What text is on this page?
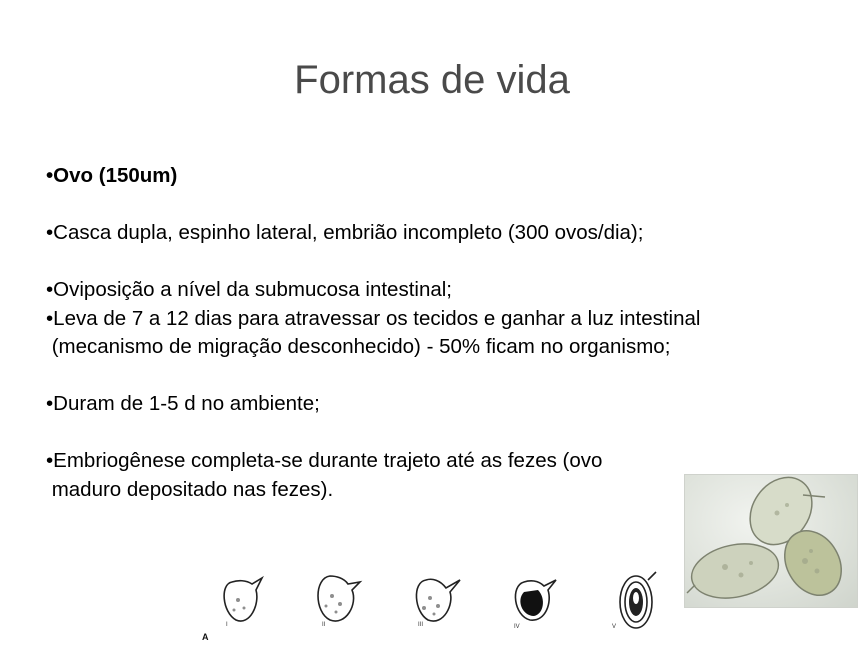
Formas de vida
•Ovo (150um)
•Casca dupla, espinho lateral, embrião incompleto (300 ovos/dia);
•Oviposição a nível da submucosa intestinal;
•Leva de 7 a 12 dias para atravessar os tecidos e ganhar a luz intestinal
(mecanismo de migração desconhecido) - 50% ficam no organismo;
•Duram de 1-5 d no ambiente;
•Embriogênese completa-se durante trajeto até as fezes (ovo
maduro depositado nas fezes).
A
I	II	III	IV	V
